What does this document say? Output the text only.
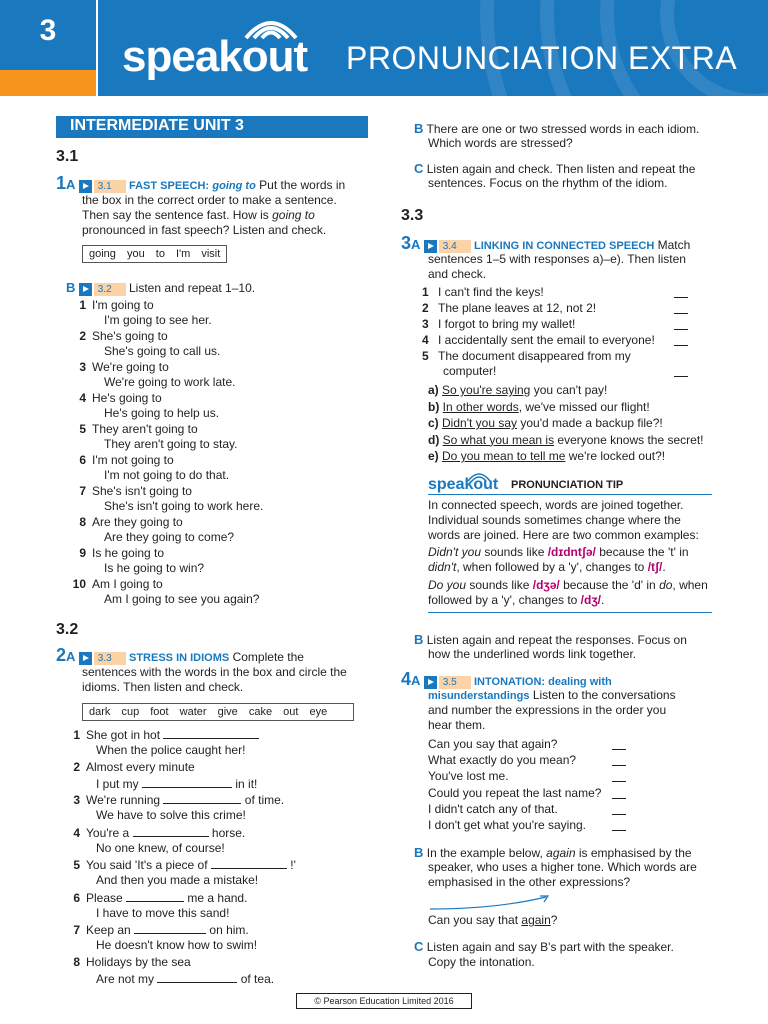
3
speakout PRONUNCIATION EXTRA
INTERMEDIATE UNIT 3
3.1
1A 3.1 FAST SPEECH: going to Put the words in
the box in the correct order to make a sentence.
Then say the sentence fast. How is going to
pronounced in fast speech? Listen and check.
going you to I'm visit
B 3.2 Listen and repeat 1–10.
1 I'm going to
I'm going to see her.
2 She's going to
She's going to call us.
3 We're going to
We're going to work late.
4 He's going to
He's going to help us.
5 They aren't going to
They aren't going to stay.
6 I'm not going to
I'm not going to do that.
7 She's isn't going to
She's isn't going to work here.
8 Are they going to
Are they going to come?
9 Is he going to
Is he going to win?
10 Am I going to
Am I going to see you again?
3.2
2A 3.3 STRESS IN IDIOMS Complete the
sentences with the words in the box and circle the
idioms. Then listen and check.
dark cup foot water give cake out eye
1 She got in hot
When the police caught her!
2 Almost every minute
I put my	in it!
3 We're running	of time.
We have to solve this crime!
4 You're a	horse.
No one knew, of course!
5 You said 'It's a piece of	!'
And then you made a mistake!
6 Please	me a hand.
I have to move this sand!
7 Keep an	on him.
He doesn't know how to swim!
8 Holidays by the sea
Are not my	of tea.
B There are one or two stressed words in each idiom.
Which words are stressed?
C Listen again and check. Then listen and repeat the
sentences. Focus on the rhythm of the idiom.
3.3
3A 3.4 LINKING IN CONNECTED SPEECH Match
sentences 1–5 with responses a)–e). Then listen
and check.
1 I can't find the keys!
2 The plane leaves at 12, not 2!
3 I forgot to bring my wallet!
4 I accidentally sent the email to everyone!
5 The document disappeared from my
computer!
a) So you're saying you can't pay!
b) In other words, we've missed our flight!
c) Didn't you say you'd made a backup file?!
d) So what you mean is everyone knows the secret!
e) Do you mean to tell me we're locked out?!
speakout PRONUNCIATION TIP
In connected speech, words are joined together.
Individual sounds sometimes change where the
words are joined. Here are two common examples:
Didn't you sounds like /dɪdntʃə/ because the 't' in
didn't, when followed by a 'y', changes to /tʃ/.
Do you sounds like /dʒə/ because the 'd' in do, when
followed by a 'y', changes to /dʒ/.
B Listen again and repeat the responses. Focus on
how the underlined words link together.
4A 3.5 INTONATION: dealing with
misunderstandings Listen to the conversations
and number the expressions in the order you
hear them.
Can you say that again?
What exactly do you mean?
You've lost me.
Could you repeat the last name?
I didn't catch any of that.
I don't get what you're saying.
B In the example below, again is emphasised by the
speaker, who uses a higher tone. Which words are
emphasised in the other expressions?
Can you say that again?
C Listen again and say B's part with the speaker.
Copy the intonation.
© Pearson Education Limited 2016
